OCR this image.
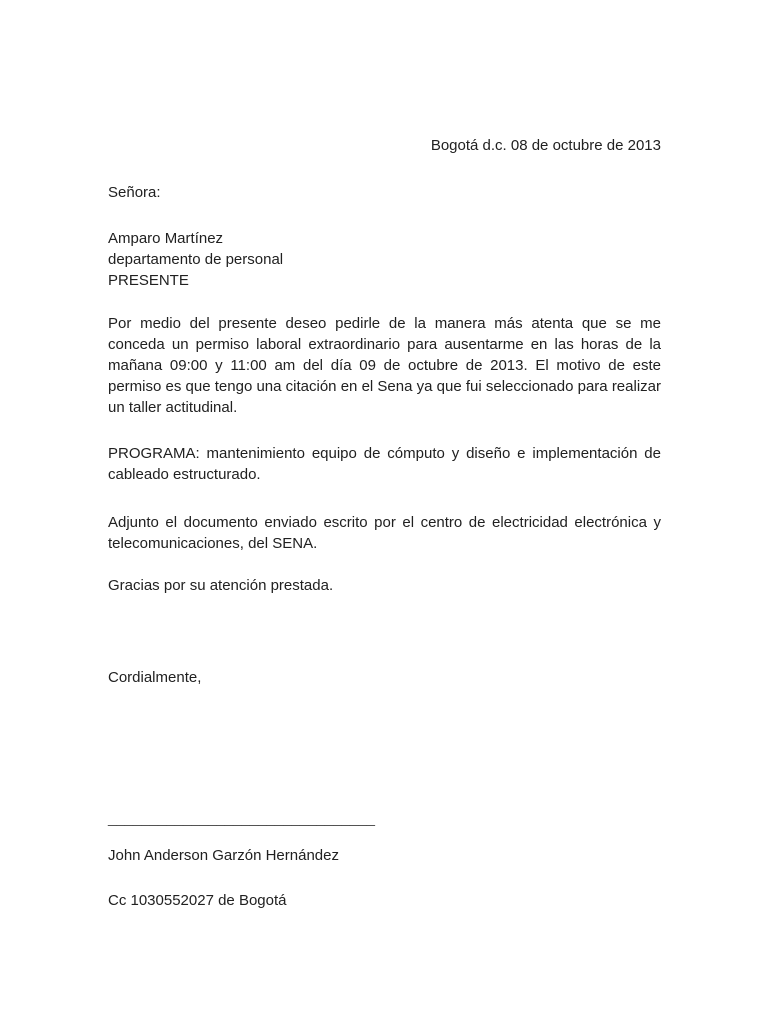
Bogotá d.c. 08 de octubre de 2013
Señora:
Amparo Martínez
departamento de personal
PRESENTE

Por medio del presente deseo pedirle de la manera más atenta que se me conceda un permiso laboral extraordinario para ausentarme en las horas de la mañana 09:00 y 11:00 am del día 09 de octubre de 2013. El motivo de este permiso es que tengo una citación en el Sena ya que fui seleccionado para realizar un taller actitudinal.

PROGRAMA: mantenimiento equipo de cómputo y diseño e implementación de cableado estructurado.

Adjunto el documento enviado escrito por el centro de electricidad electrónica y telecomunicaciones, del SENA.

Gracias por su atención prestada.
Cordialmente,
________________________________
John Anderson Garzón Hernández
Cc 1030552027 de Bogotá
